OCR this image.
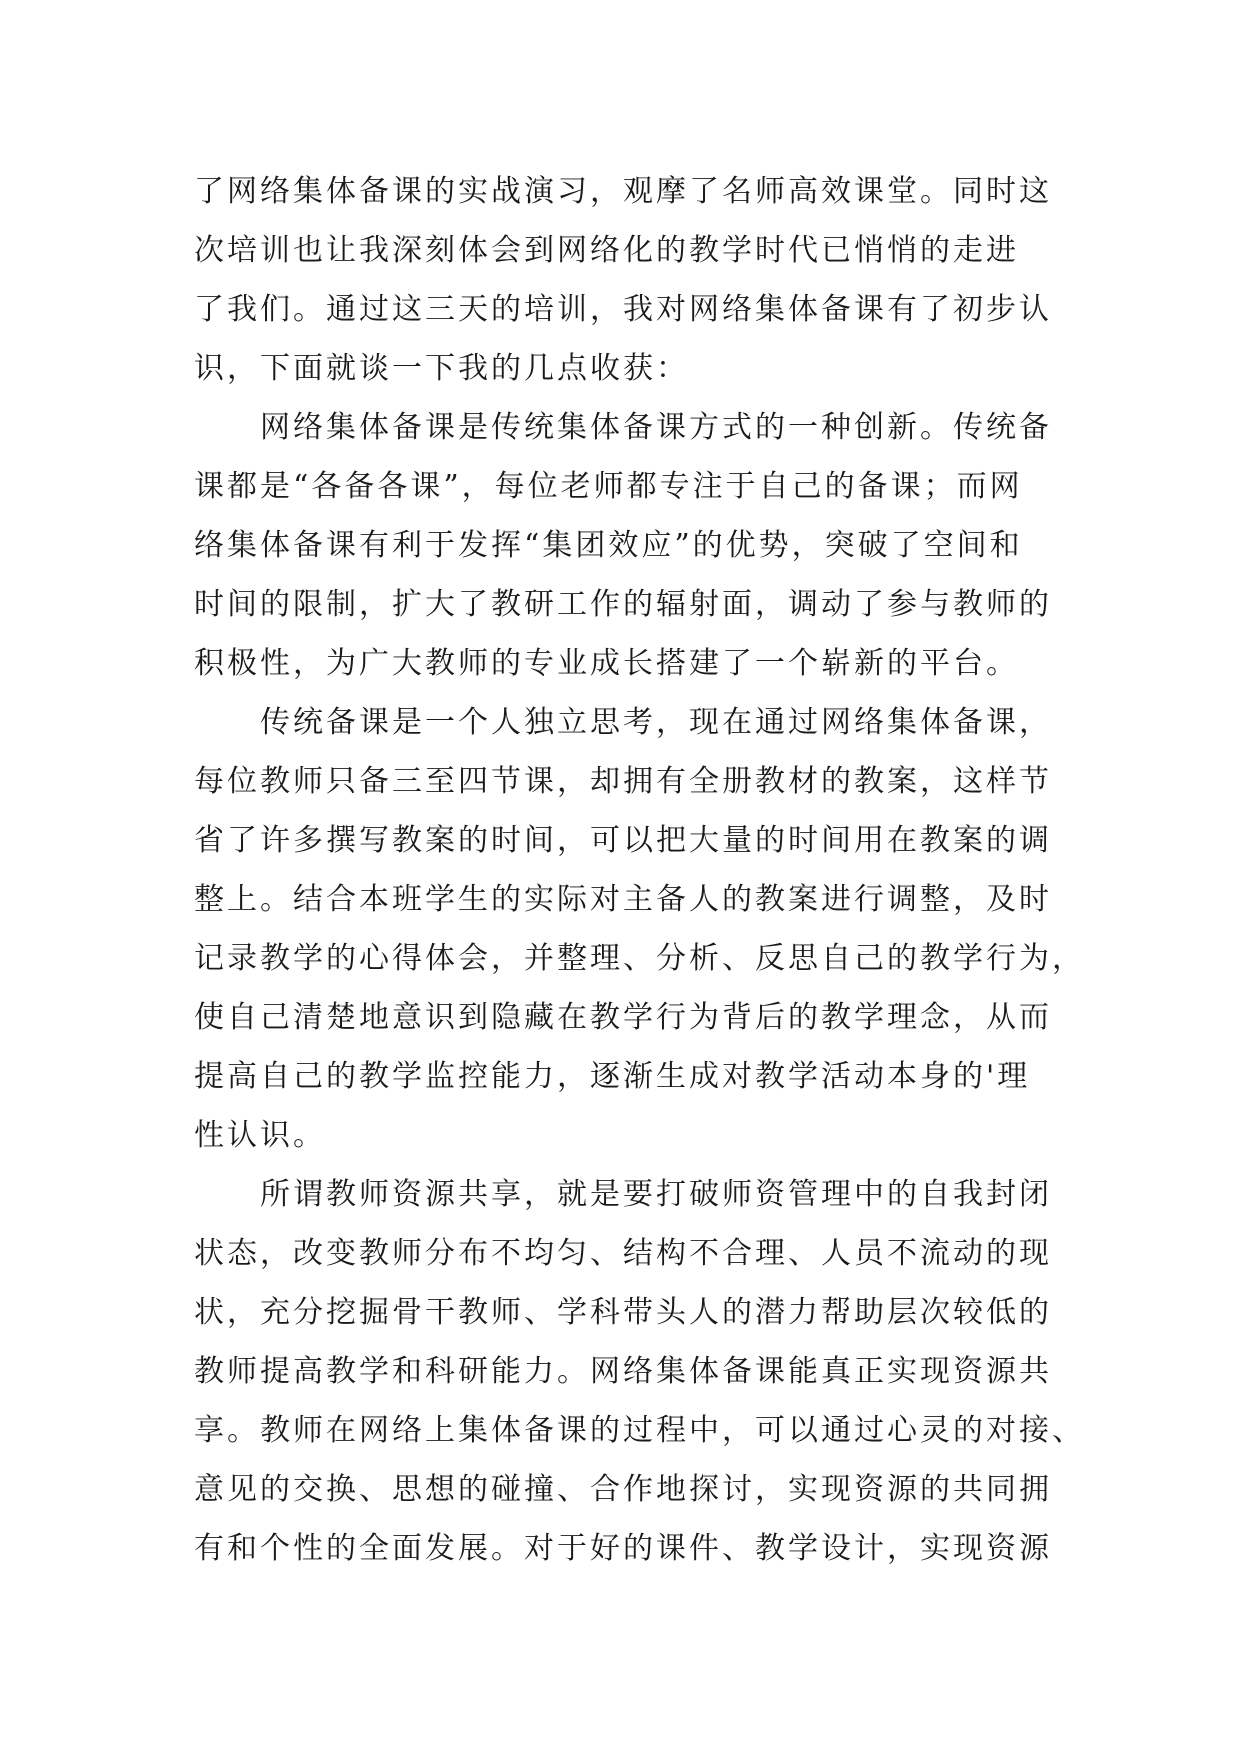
了网络集体备课的实战演习，观摩了名师高效课堂。同时这
次培训也让我深刻体会到网络化的教学时代已悄悄的走进
了我们。通过这三天的培训，我对网络集体备课有了初步认
识，下面就谈一下我的几点收获：
网络集体备课是传统集体备课方式的一种创新。传统备
课都是“各备各课”，每位老师都专注于自己的备课；而网
络集体备课有利于发挥“集团效应”的优势，突破了空间和
时间的限制，扩大了教研工作的辐射面，调动了参与教师的
积极性，为广大教师的专业成长搭建了一个崭新的平台。
传统备课是一个人独立思考，现在通过网络集体备课，
每位教师只备三至四节课，却拥有全册教材的教案，这样节
省了许多撰写教案的时间，可以把大量的时间用在教案的调
整上。结合本班学生的实际对主备人的教案进行调整，及时
记录教学的心得体会，并整理、分析、反思自己的教学行为，
使自己清楚地意识到隐藏在教学行为背后的教学理念，从而
提高自己的教学监控能力，逐渐生成对教学活动本身的'理
性认识。
所谓教师资源共享，就是要打破师资管理中的自我封闭
状态，改变教师分布不均匀、结构不合理、人员不流动的现
状，充分挖掘骨干教师、学科带头人的潜力帮助层次较低的
教师提高教学和科研能力。网络集体备课能真正实现资源共
享。教师在网络上集体备课的过程中，可以通过心灵的对接、
意见的交换、思想的碰撞、合作地探讨，实现资源的共同拥
有和个性的全面发展。对于好的课件、教学设计，实现资源
